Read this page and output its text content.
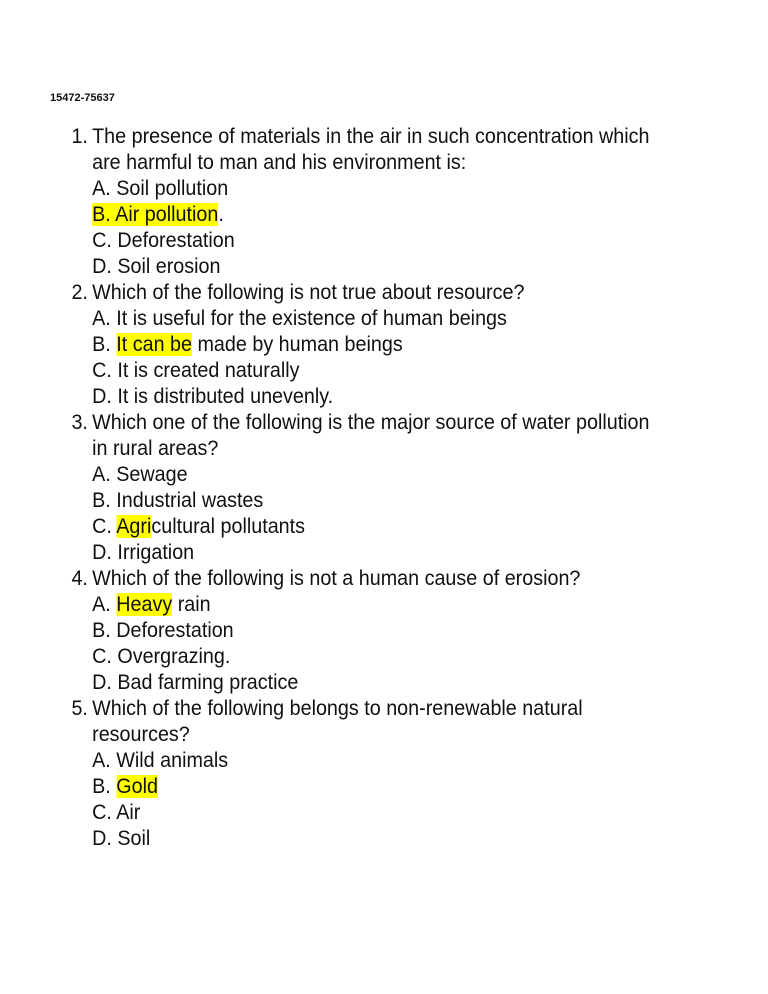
15472-75637
1. The presence of materials in the air in such concentration which
are harmful to man and his environment is:
A. Soil pollution
B. Air pollution.
C. Deforestation
D. Soil erosion
2. Which of the following is not true about resource?
A. It is useful for the existence of human beings
B. It can be made by human beings
C. It is created naturally
D. It is distributed unevenly.
3. Which one of the following is the major source of water pollution
in rural areas?
A. Sewage
B. Industrial wastes
C. Agricultural pollutants
D. Irrigation
4. Which of the following is not a human cause of erosion?
A. Heavy rain
B. Deforestation
C. Overgrazing.
D. Bad farming practice
5. Which of the following belongs to non-renewable natural
resources?
A. Wild animals
B. Gold
C. Air
D. Soil
